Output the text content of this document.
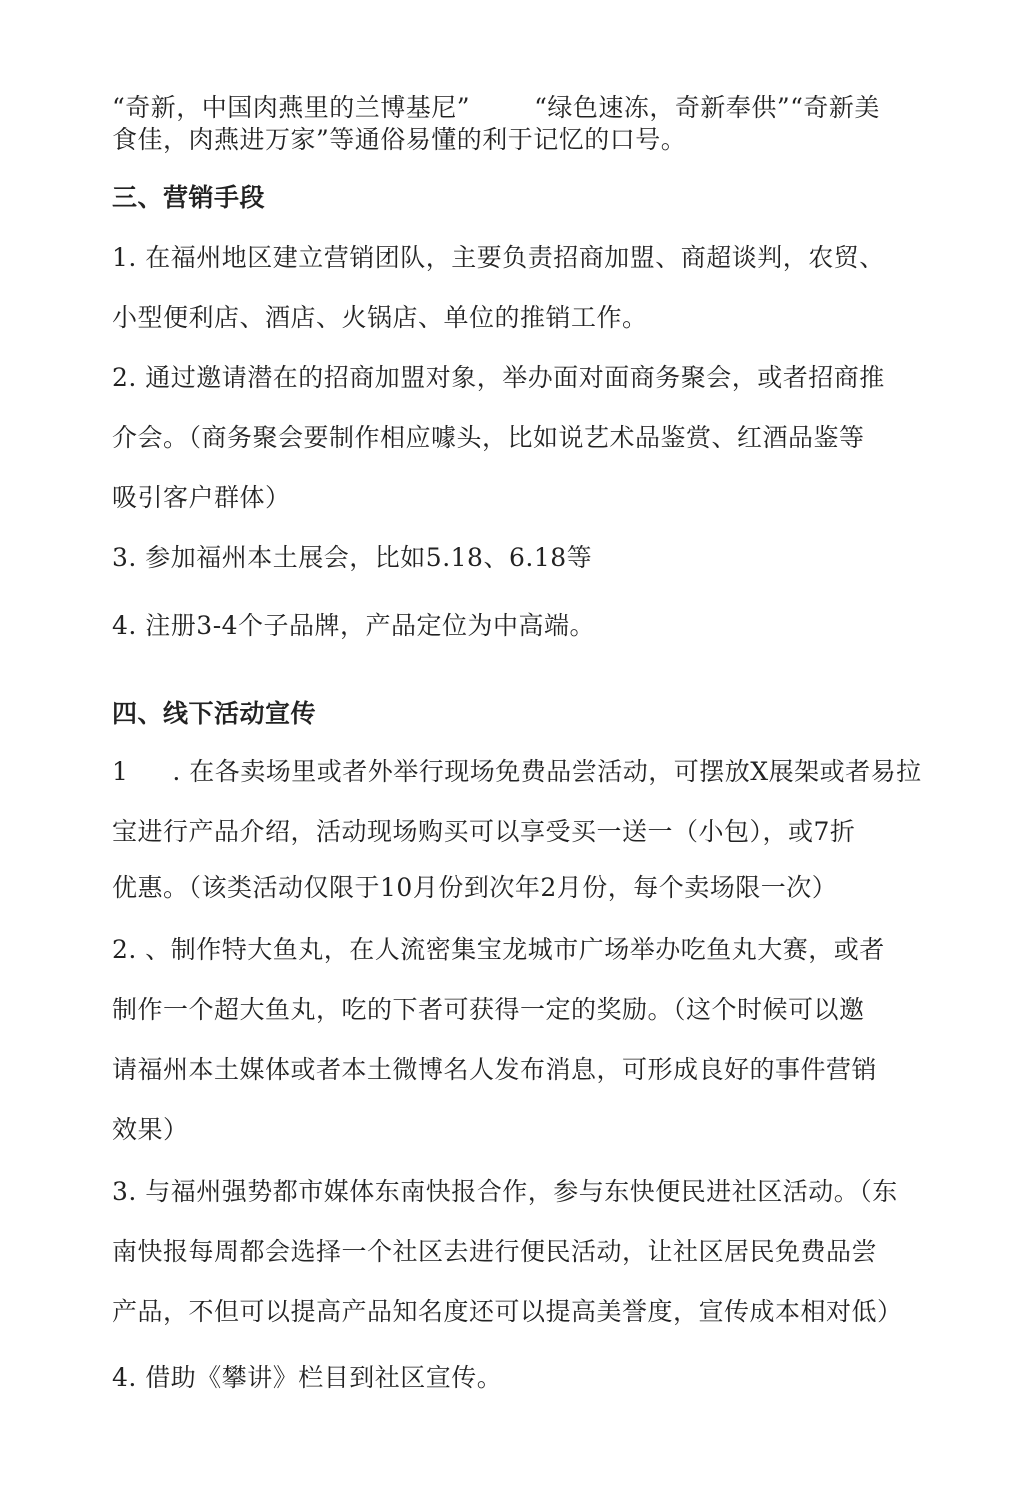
“奇新，中国肉燕里的兰博基尼”	“绿色速冻，奇新奉供”“奇新美
食佳，肉燕进万家”等通俗易懂的利于记忆的口号。
三、营销手段
1. 在福州地区建立营销团队，主要负责招商加盟、商超谈判，农贸、
小型便利店、酒店、火锅店、单位的推销工作。
2. 通过邀请潜在的招商加盟对象，举办面对面商务聚会，或者招商推
介会。（商务聚会要制作相应噱头，比如说艺术品鉴赏、红酒品鉴等
吸引客户群体）
3. 参加福州本土展会，比如5.18、6.18等
4. 注册3-4个子品牌，产品定位为中高端。
四、线下活动宣传
1 . 在各卖场里或者外举行现场免费品尝活动，可摆放X展架或者易拉
宝进行产品介绍，活动现场购买可以享受买一送一（小包），或7折
优惠。（该类活动仅限于10月份到次年2月份，每个卖场限一次）
2. 、制作特大鱼丸，在人流密集宝龙城市广场举办吃鱼丸大赛，或者
制作一个超大鱼丸，吃的下者可获得一定的奖励。（这个时候可以邀
请福州本土媒体或者本土微博名人发布消息，可形成良好的事件营销
效果）
3. 与福州强势都市媒体东南快报合作，参与东快便民进社区活动。（东
南快报每周都会选择一个社区去进行便民活动，让社区居民免费品尝
产品，不但可以提高产品知名度还可以提高美誉度，宣传成本相对低）
4. 借助《攀讲》栏目到社区宣传。
